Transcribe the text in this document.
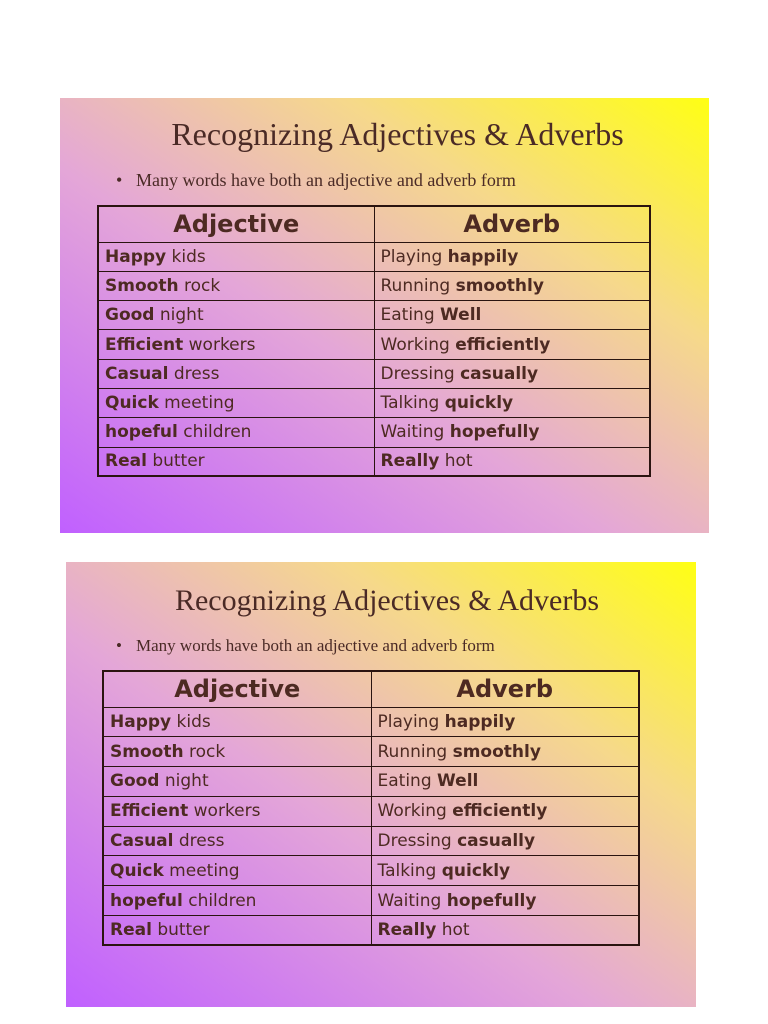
Recognizing Adjectives & Adverbs
• Many words have both an adjective and adverb form
Adjective	Adverb
Happy kids	Playing happily
Smooth rock	Running smoothly
Good night	Eating Well
Efficient workers	Working efficiently
Casual dress	Dressing casually
Quick meeting	Talking quickly
hopeful children	Waiting hopefully
Real butter	Really hot
Recognizing Adjectives & Adverbs
• Many words have both an adjective and adverb form
Adjective	Adverb
Happy kids	Playing happily
Smooth rock	Running smoothly
Good night	Eating Well
Efficient workers	Working efficiently
Casual dress	Dressing casually
Quick meeting	Talking quickly
hopeful children	Waiting hopefully
Real butter	Really hot
